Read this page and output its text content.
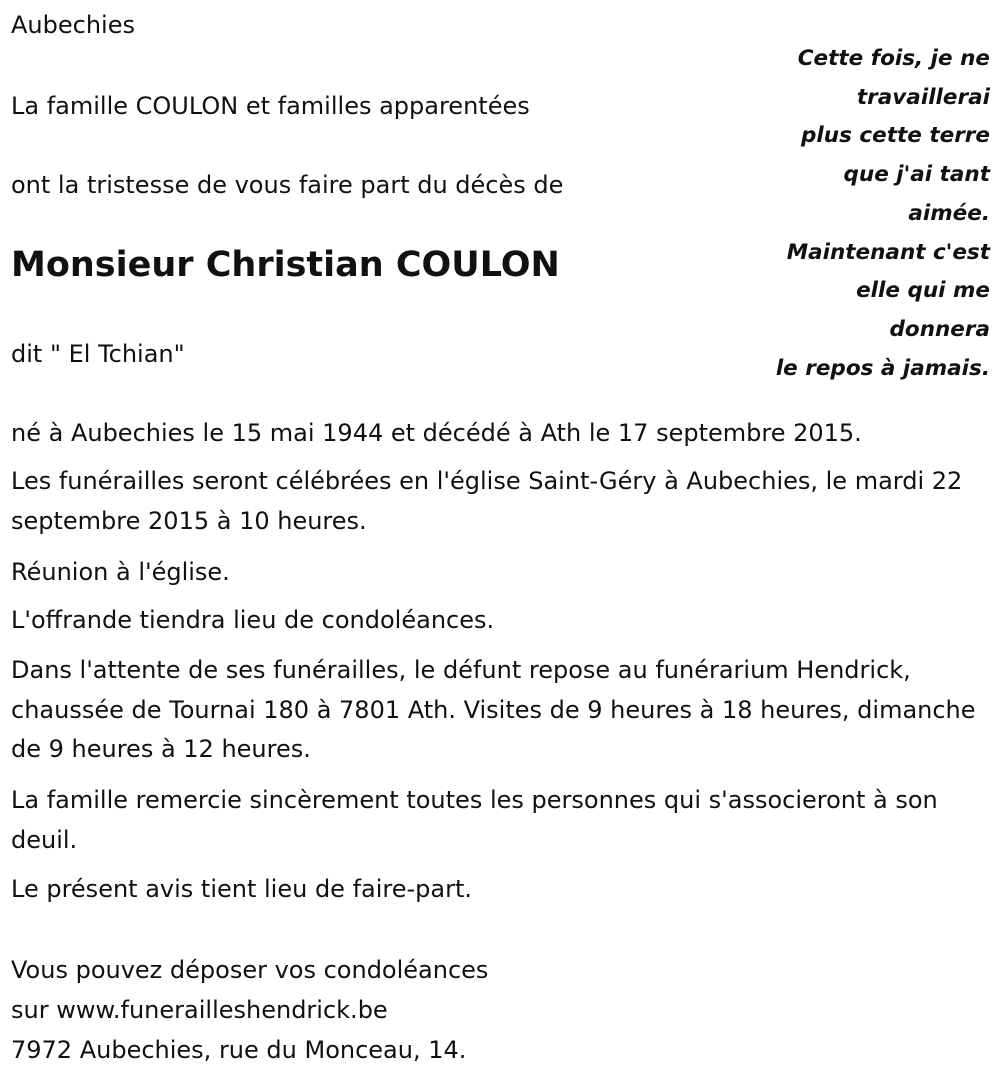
Aubechies
La famille COULON et familles apparentées
ont la tristesse de vous faire part du décès de
Monsieur Christian COULON
dit " El Tchian"
Cette fois, je ne
travaillerai
plus cette terre
que j'ai tant
aimée.
Maintenant c'est
elle qui me
donnera
le repos à jamais.
né à Aubechies le 15 mai 1944 et décédé à Ath le 17 septembre 2015.
Les funérailles seront célébrées en l'église Saint-Géry à Aubechies, le mardi 22 septembre 2015 à 10 heures.
Réunion à l'église.
L'offrande tiendra lieu de condoléances.
Dans l'attente de ses funérailles, le défunt repose au funérarium Hendrick, chaussée de Tournai 180 à 7801 Ath. Visites de 9 heures à 18 heures, dimanche de 9 heures à 12 heures.
La famille remercie sincèrement toutes les personnes qui s'associeront à son deuil.
Le présent avis tient lieu de faire-part.
Vous pouvez déposer vos condoléances
sur www.funerailleshendrick.be
7972 Aubechies, rue du Monceau, 14.
